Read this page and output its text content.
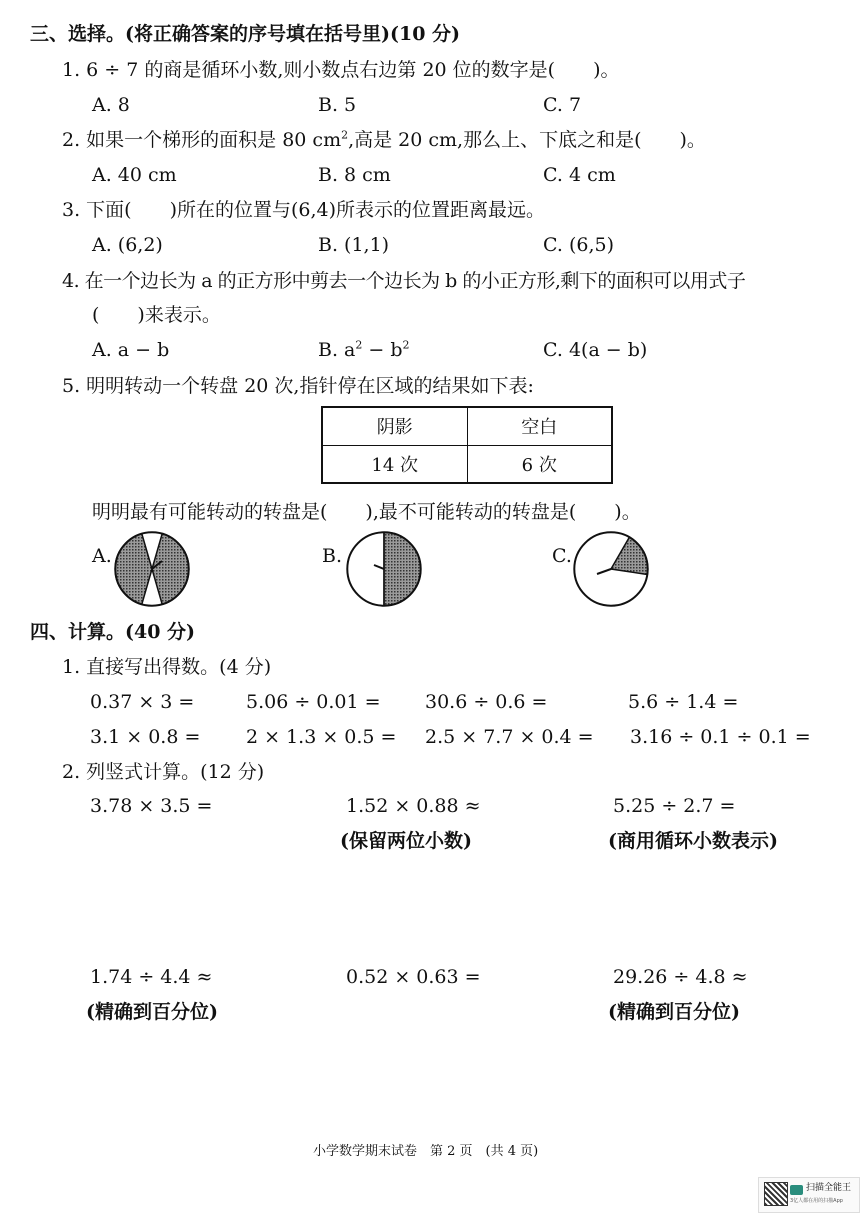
三、选择。(将正确答案的序号填在括号里)(10 分)
1. 6 ÷ 7 的商是循环小数,则小数点右边第 20 位的数字是(　　)。
A. 8	B. 5	C. 7
2. 如果一个梯形的面积是 80 $cm^2$,高是 20 cm,那么上、下底之和是(　　)。
A. 40 cm	B. 8 cm	C. 4 cm
3. 下面(　　)所在的位置与(6,4)所表示的位置距离最远。
A. (6,2)	B. (1,1)	C. (6,5)
4. 在一个边长为 a 的正方形中剪去一个边长为 b 的小正方形,剩下的面积可以用式子
(　　)来表示。
A. a − b	B. $a^2 - b^2$	C. 4(a − b)
5. 明明转动一个转盘 20 次,指针停在区域的结果如下表:
阴影	空白
14 次	6 次
明明最有可能转动的转盘是(　　),最不可能转动的转盘是(　　)。
A.	B.	C.
四、计算。(40 分)
1. 直接写出得数。(4 分)
0.37 × 3 =	5.06 ÷ 0.01 = 30.6 ÷ 0.6 =	5.6 ÷ 1.4 =
3.1 × 0.8 = 2 × 1.3 × 0.5 = 2.5 × 7.7 × 0.4 = 3.16 ÷ 0.1 ÷ 0.1 =
2. 列竖式计算。(12 分)
3.78 × 3.5 =	1.52 × 0.88 ≈	5.25 ÷ 2.7 =
(保留两位小数)	(商用循环小数表示)
1.74 ÷ 4.4 ≈	0.52 × 0.63 =	29.26 ÷ 4.8 ≈
(精确到百分位)	(精确到百分位)
小学数学期末试卷　第 2 页　(共 4 页)
扫描全能王
3亿人都在用的扫描App
